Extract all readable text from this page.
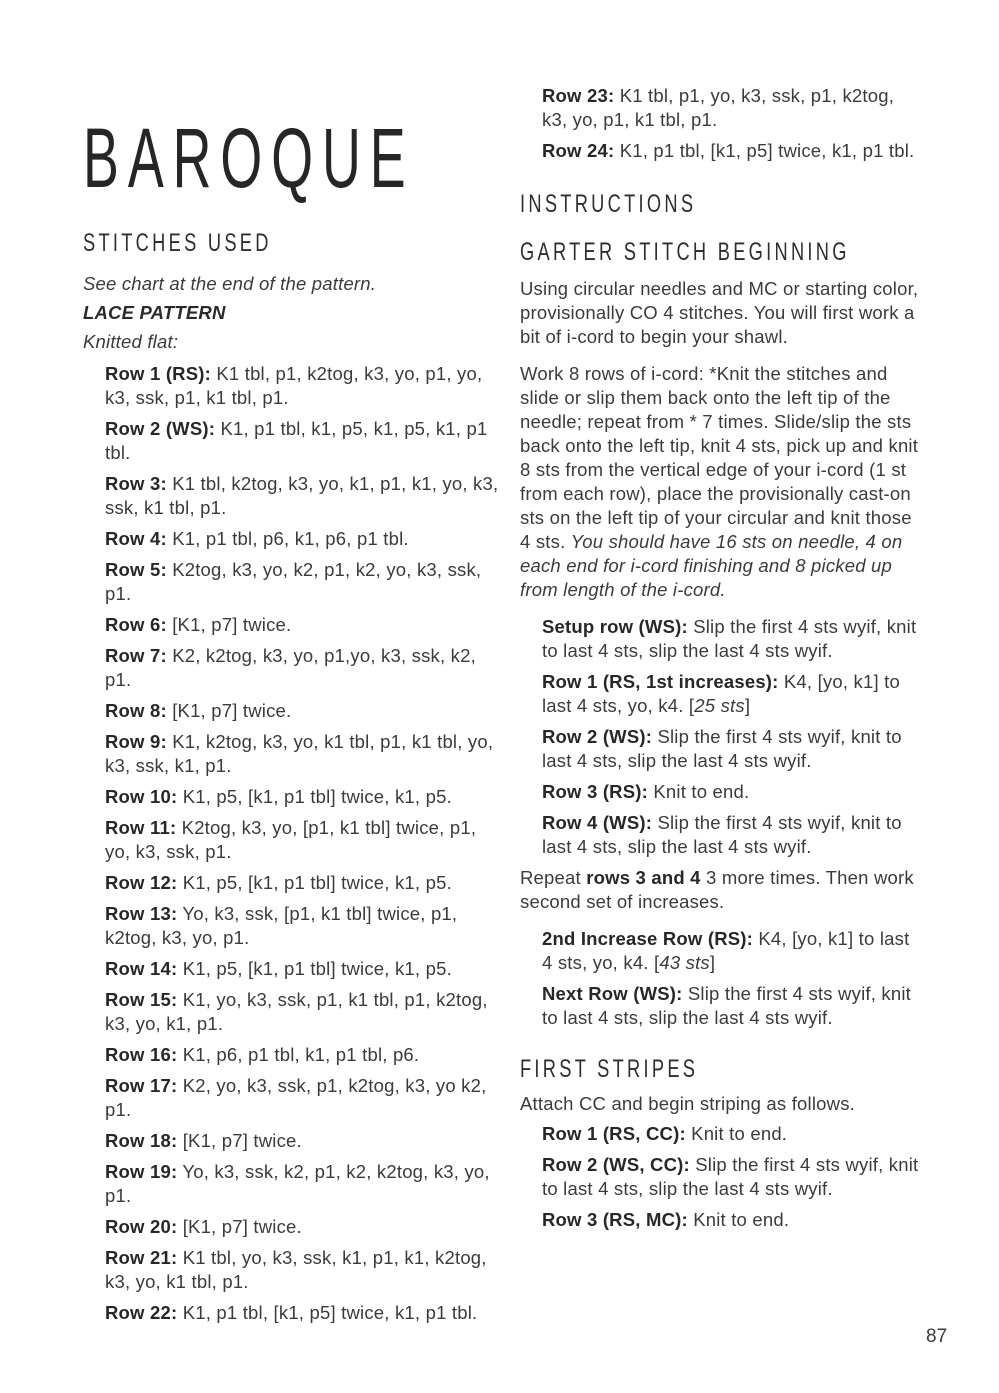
BAROQUE
STITCHES USED

See chart at the end of the pattern.

LACE PATTERN

Knitted flat:

Row 1 (RS): K1 tbl, p1, k2tog, k3, yo, p1, yo, k3, ssk, p1, k1 tbl, p1.

Row 2 (WS): K1, p1 tbl, k1, p5, k1, p5, k1, p1 tbl.

Row 3: K1 tbl, k2tog, k3, yo, k1, p1, k1, yo, k3, ssk, k1 tbl, p1.

Row 4: K1, p1 tbl, p6, k1, p6, p1 tbl.

Row 5: K2tog, k3, yo, k2, p1, k2, yo, k3, ssk, p1.

Row 6: [K1, p7] twice.

Row 7: K2, k2tog, k3, yo, p1,yo, k3, ssk, k2, p1.

Row 8: [K1, p7] twice.

Row 9: K1, k2tog, k3, yo, k1 tbl, p1, k1 tbl, yo, k3, ssk, k1, p1.

Row 10: K1, p5, [k1, p1 tbl] twice, k1, p5.

Row 11: K2tog, k3, yo, [p1, k1 tbl] twice, p1, yo, k3, ssk, p1.

Row 12: K1, p5, [k1, p1 tbl] twice, k1, p5.

Row 13: Yo, k3, ssk, [p1, k1 tbl] twice, p1, k2tog, k3, yo, p1.

Row 14: K1, p5, [k1, p1 tbl] twice, k1, p5.

Row 15: K1, yo, k3, ssk, p1, k1 tbl, p1, k2tog, k3, yo, k1, p1.

Row 16: K1, p6, p1 tbl, k1, p1 tbl, p6.

Row 17: K2, yo, k3, ssk, p1, k2tog, k3, yo k2, p1.

Row 18: [K1, p7] twice.

Row 19: Yo, k3, ssk, k2, p1, k2, k2tog, k3, yo, p1.

Row 20: [K1, p7] twice.

Row 21: K1 tbl, yo, k3, ssk, k1, p1, k1, k2tog, k3, yo, k1 tbl, p1.

Row 22: K1, p1 tbl, [k1, p5] twice, k1, p1 tbl.

Row 23: K1 tbl, p1, yo, k3, ssk, p1, k2tog, k3, yo, p1, k1 tbl, p1.

Row 24: K1, p1 tbl, [k1, p5] twice, k1, p1 tbl.

INSTRUCTIONS
GARTER STITCH BEGINNING

Using circular needles and MC or starting color, provisionally CO 4 stitches. You will first work a bit of i-cord to begin your shawl.

Work 8 rows of i-cord: *Knit the stitches and slide or slip them back onto the left tip of the needle; repeat from * 7 times. Slide/slip the sts back onto the left tip, knit 4 sts, pick up and knit 8 sts from the vertical edge of your i-cord (1 st from each row), place the provisionally cast-on sts on the left tip of your circular and knit those 4 sts. You should have 16 sts on needle, 4 on each end for i-cord finishing and 8 picked up from length of the i-cord.

Setup row (WS): Slip the first 4 sts wyif, knit to last 4 sts, slip the last 4 sts wyif.

Row 1 (RS, 1st increases): K4, [yo, k1] to last 4 sts, yo, k4. [25 sts]

Row 2 (WS): Slip the first 4 sts wyif, knit to last 4 sts, slip the last 4 sts wyif.

Row 3 (RS): Knit to end.

Row 4 (WS): Slip the first 4 sts wyif, knit to last 4 sts, slip the last 4 sts wyif.

Repeat rows 3 and 4 3 more times. Then work second set of increases.

2nd Increase Row (RS): K4, [yo, k1] to last 4 sts, yo, k4. [43 sts]

Next Row (WS): Slip the first 4 sts wyif, knit to last 4 sts, slip the last 4 sts wyif.

FIRST STRIPES

Attach CC and begin striping as follows.

Row 1 (RS, CC): Knit to end.

Row 2 (WS, CC): Slip the first 4 sts wyif, knit to last 4 sts, slip the last 4 sts wyif.

Row 3 (RS, MC): Knit to end.

87
